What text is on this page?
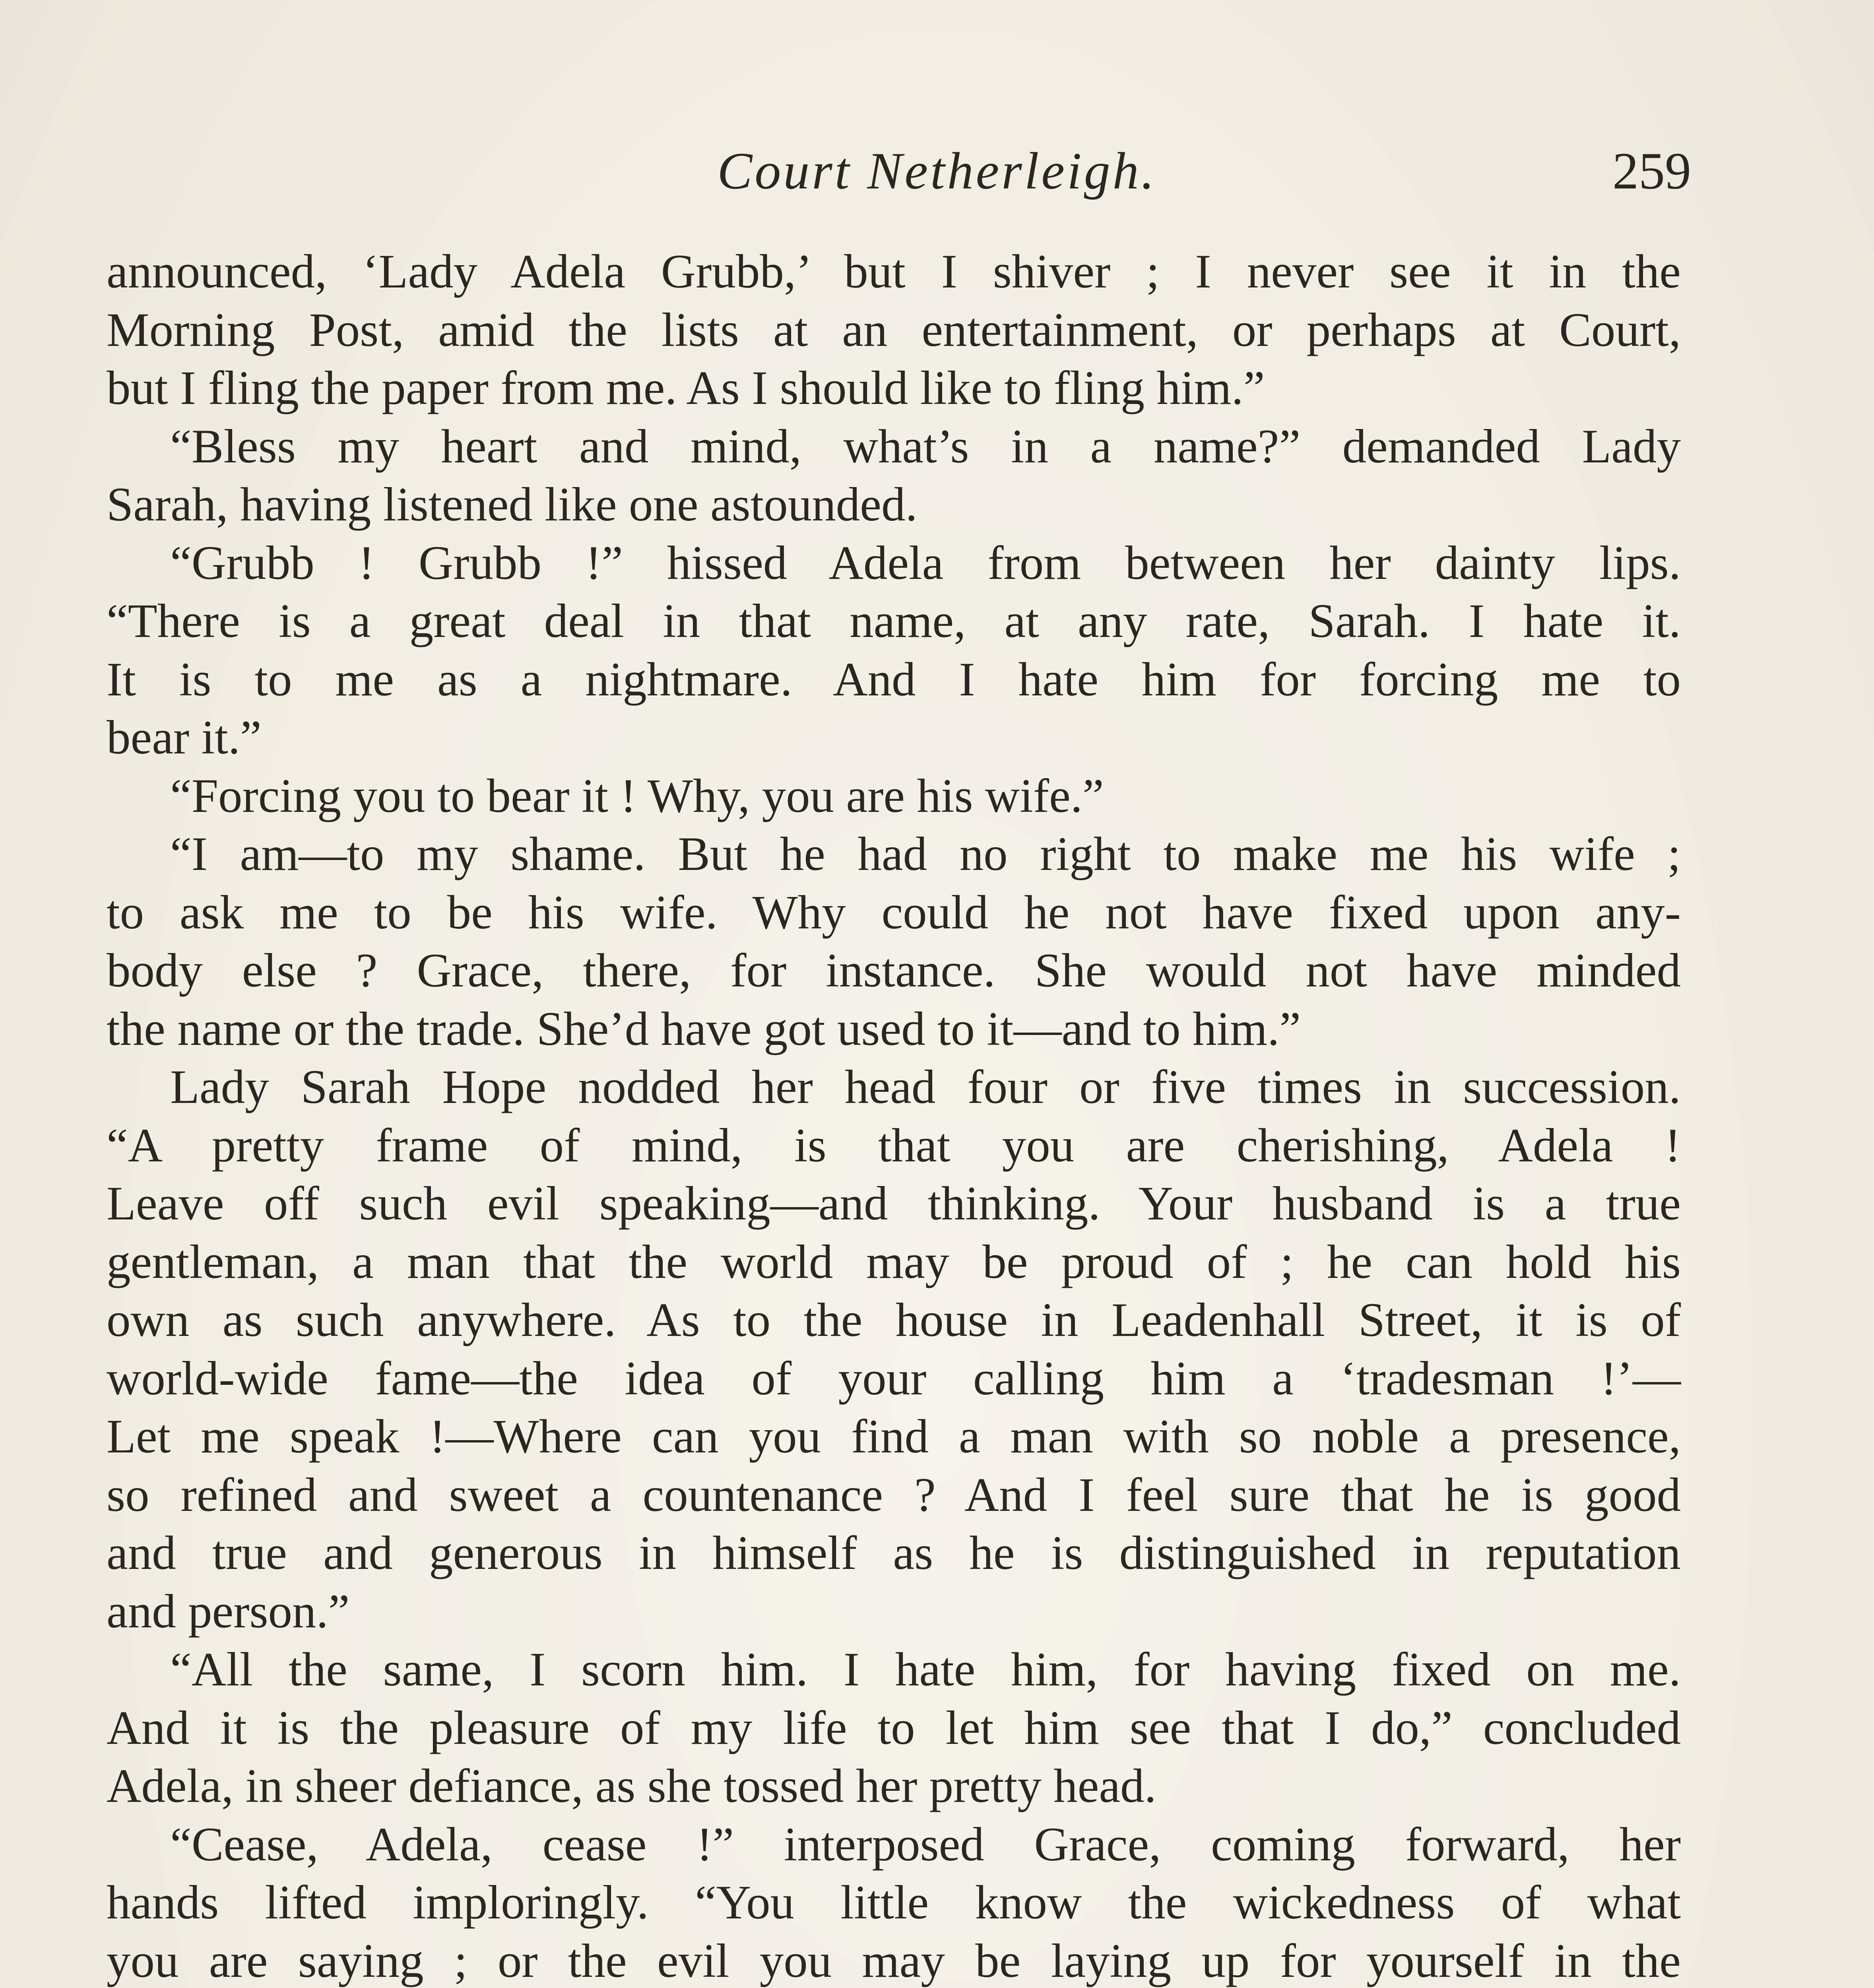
Court Netherleigh.	259
announced, ‘Lady Adela Grubb,’ but I shiver ; I never see it in the
Morning Post, amid the lists at an entertainment, or perhaps at Court,
but I fling the paper from me. As I should like to fling him.”
“Bless my heart and mind, what’s in a name?” demanded Lady
Sarah, having listened like one astounded.
“Grubb ! Grubb !” hissed Adela from between her dainty lips.
“There is a great deal in that name, at any rate, Sarah. I hate it.
It is to me as a nightmare. And I hate him for forcing me to
bear it.”
“Forcing you to bear it ! Why, you are his wife.”
“I am—to my shame. But he had no right to make me his wife ;
to ask me to be his wife. Why could he not have fixed upon any-
body else ? Grace, there, for instance. She would not have minded
the name or the trade. She’d have got used to it—and to him.”
Lady Sarah Hope nodded her head four or five times in succession.
“A pretty frame of mind, is that you are cherishing, Adela !
Leave off such evil speaking—and thinking. Your husband is a true
gentleman, a man that the world may be proud of ; he can hold his
own as such anywhere. As to the house in Leadenhall Street, it is of
world-wide fame—the idea of your calling him a ‘tradesman !’—
Let me speak !—Where can you find a man with so noble a presence,
so refined and sweet a countenance ? And I feel sure that he is good
and true and generous in himself as he is distinguished in reputation
and person.”
“All the same, I scorn him. I hate him, for having fixed on me.
And it is the pleasure of my life to let him see that I do,” concluded
Adela, in sheer defiance, as she tossed her pretty head.
“Cease, Adela, cease !” interposed Grace, coming forward, her
hands lifted imploringly. “You little know the wickedness of what
you are saying ; or the evil you may be laying up for yourself in the
